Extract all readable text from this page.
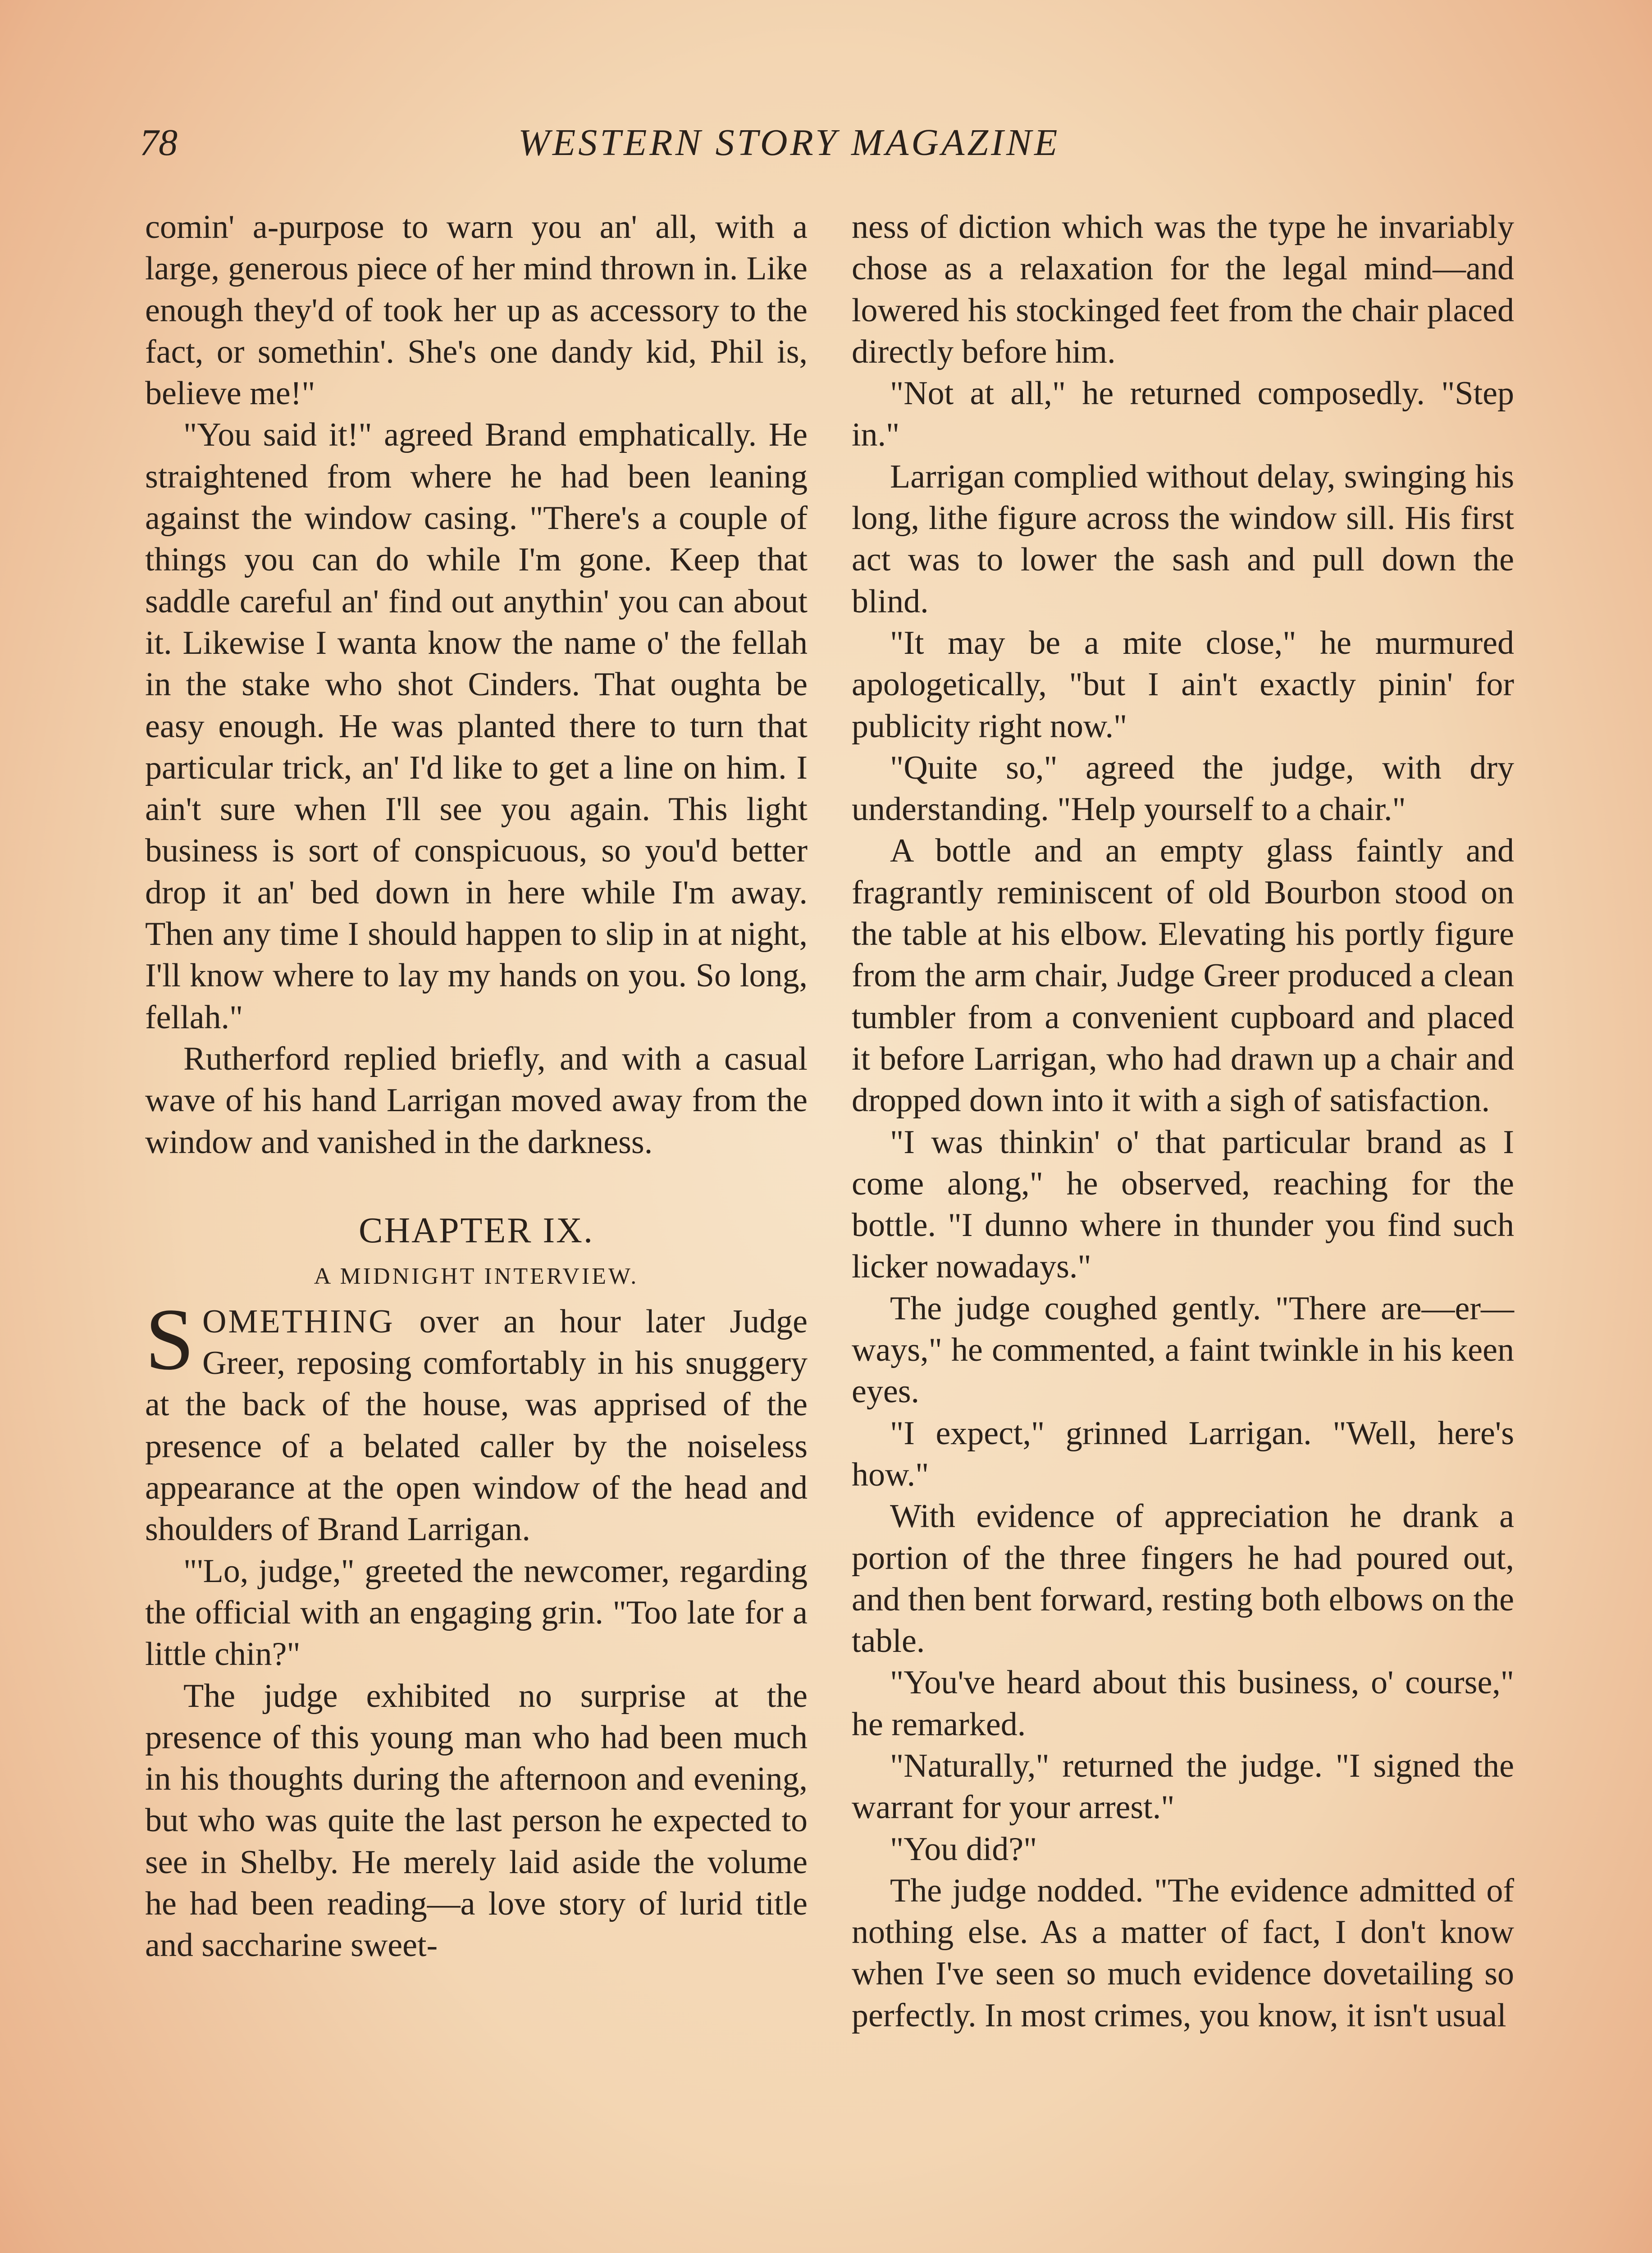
78	WESTERN STORY MAGAZINE

comin' a-purpose to warn you an' all, with a large, generous piece of her mind thrown in. Like enough they'd of took her up as accessory to the fact, or somethin'. She's one dandy kid, Phil is, believe me!"

"You said it!" agreed Brand emphatically. He straightened from where he had been leaning against the window casing. "There's a couple of things you can do while I'm gone. Keep that saddle careful an' find out anythin' you can about it. Likewise I wanta know the name o' the fellah in the stake who shot Cinders. That oughta be easy enough. He was planted there to turn that particular trick, an' I'd like to get a line on him. I ain't sure when I'll see you again. This light business is sort of conspicuous, so you'd better drop it an' bed down in here while I'm away. Then any time I should happen to slip in at night, I'll know where to lay my hands on you. So long, fellah."

Rutherford replied briefly, and with a casual wave of his hand Larrigan moved away from the window and vanished in the darkness.

CHAPTER IX.
A MIDNIGHT INTERVIEW.

SOMETHING over an hour later Judge Greer, reposing comfortably in his snuggery at the back of the house, was apprised of the presence of a belated caller by the noiseless appearance at the open window of the head and shoulders of Brand Larrigan.

"'Lo, judge," greeted the newcomer, regarding the official with an engaging grin. "Too late for a little chin?"

The judge exhibited no surprise at the presence of this young man who had been much in his thoughts during the afternoon and evening, but who was quite the last person he expected to see in Shelby. He merely laid aside the volume he had been reading—a love story of lurid title and saccharine sweet-

ness of diction which was the type he invariably chose as a relaxation for the legal mind—and lowered his stockinged feet from the chair placed directly before him.

"Not at all," he returned composedly. "Step in."

Larrigan complied without delay, swinging his long, lithe figure across the window sill. His first act was to lower the sash and pull down the blind.

"It may be a mite close," he murmured apologetically, "but I ain't exactly pinin' for publicity right now."

"Quite so," agreed the judge, with dry understanding. "Help yourself to a chair."

A bottle and an empty glass faintly and fragrantly reminiscent of old Bourbon stood on the table at his elbow. Elevating his portly figure from the arm chair, Judge Greer produced a clean tumbler from a convenient cupboard and placed it before Larrigan, who had drawn up a chair and dropped down into it with a sigh of satisfaction.

"I was thinkin' o' that particular brand as I come along," he observed, reaching for the bottle. "I dunno where in thunder you find such licker nowadays."

The judge coughed gently. "There are—er—ways," he commented, a faint twinkle in his keen eyes.

"I expect," grinned Larrigan. "Well, here's how."

With evidence of appreciation he drank a portion of the three fingers he had poured out, and then bent forward, resting both elbows on the table.

"You've heard about this business, o' course," he remarked.

"Naturally," returned the judge. "I signed the warrant for your arrest."

"You did?"

The judge nodded. "The evidence admitted of nothing else. As a matter of fact, I don't know when I've seen so much evidence dovetailing so perfectly. In most crimes, you know, it isn't usual
